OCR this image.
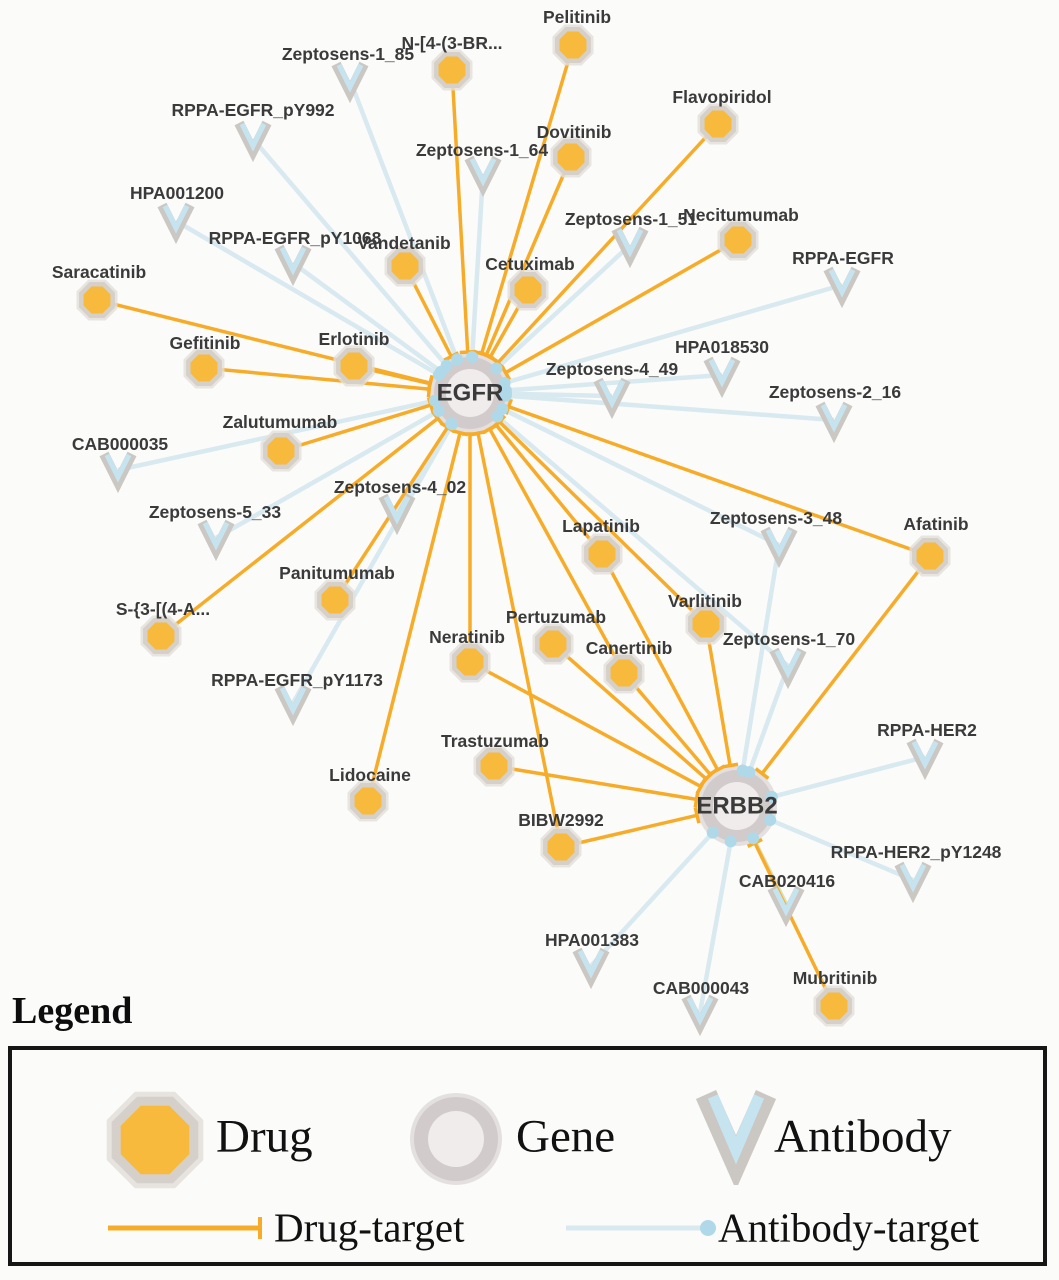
EGFR
ERBB2
Pelitinib
N-[4-(3-BR...
Dovitinib
Flavopiridol
Necitumumab
Vandetanib
Cetuximab
Saracatinib
Gefitinib	Erlotinib
Zalutumumab
Panitumumab
S-{3-[(4-A...
Lapatinib	Afatinib
Varlitinib
Pertuzumab
Canertinib
Neratinib
Trastuzumab
Lidocaine
BIBW2992
Mubritinib
Zeptosens-1_85
Zeptosens-1_64
RPPA-EGFR_pY992
HPA001200
RPPA-EGFR_pY1068
Zeptosens-1_51
RPPA-EGFR
Zeptosens-4_49
HPA018530
Zeptosens-2_16
CAB000035
Zeptosens-5_33
Zeptosens-4_02
RPPA-EGFR_pY1173
Zeptosens-3_48
Zeptosens-1_70
RPPA-HER2
RPPA-HER2_pY1248
CAB020416
HPA001383
CAB000043
Legend
Drug	Gene	Antibody
Drug-target	Antibody-target
